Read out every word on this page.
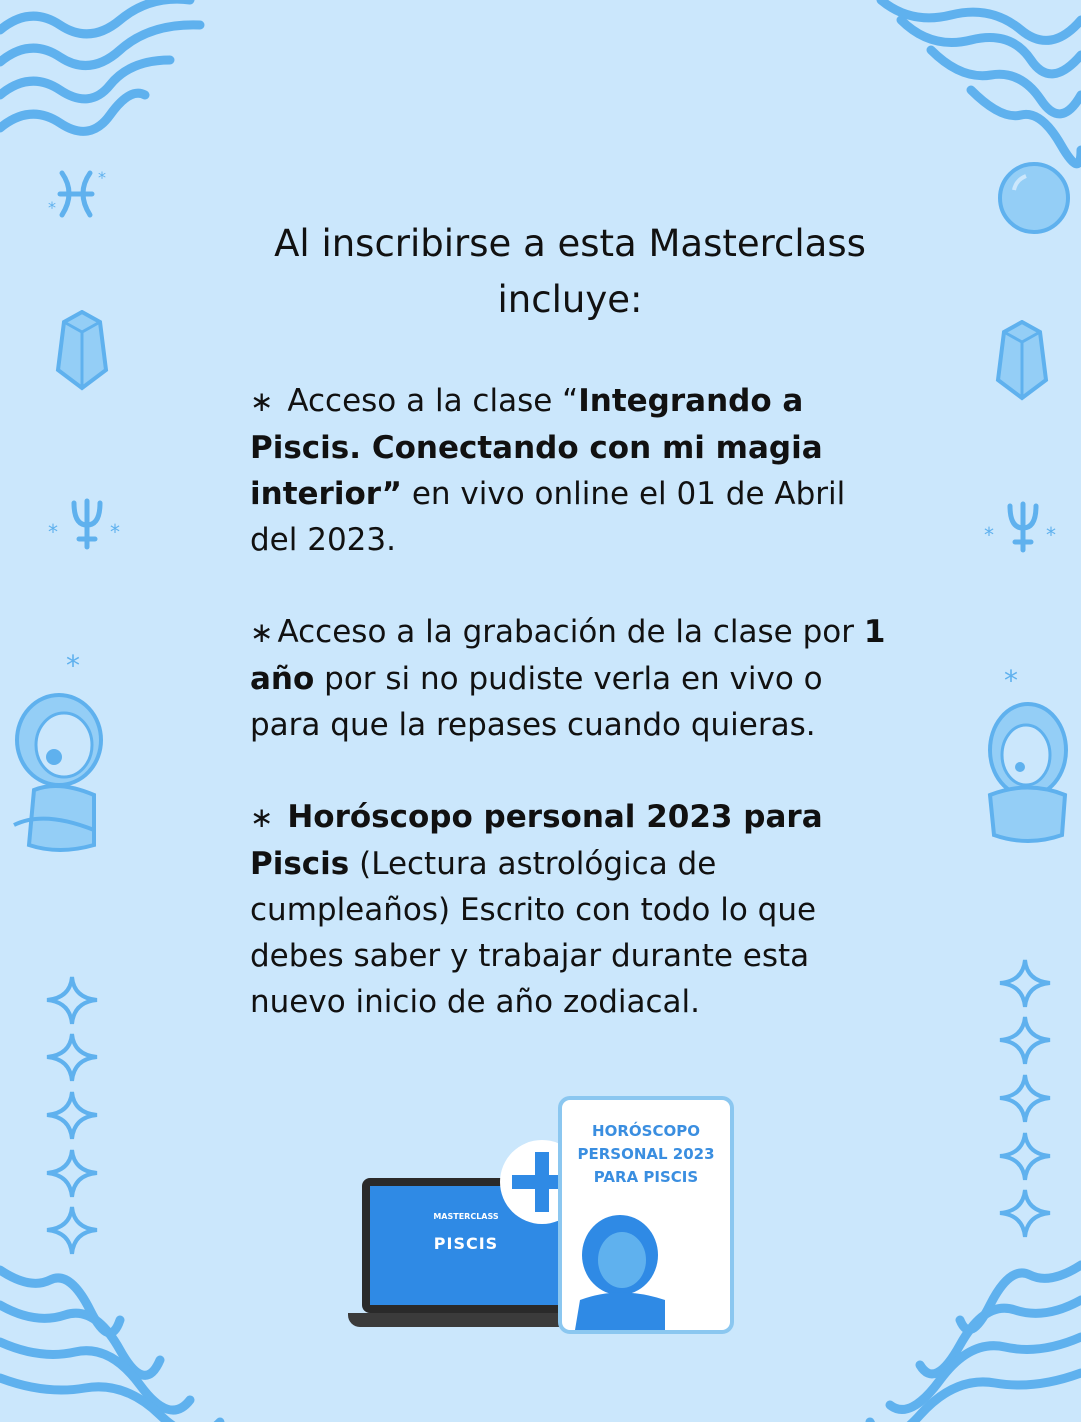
*
*
*	*
*
*	*
*
Al inscribirse a esta Masterclass incluye:

∗ Acceso a la clase “Integrando a Piscis. Conectando con mi magia interior” en vivo online el 01 de Abril del 2023.

∗ Acceso a la grabación de la clase por 1 año por si no pudiste verla en vivo o para que la repases cuando quieras.

∗ Horóscopo personal 2023 para Piscis (Lectura astrológica de cumpleaños) Escrito con todo lo que debes saber y trabajar durante esta nuevo inicio de año zodiacal.

MASTERCLASS
PISCIS
HORÓSCOPO PERSONAL 2023 PARA PISCIS
